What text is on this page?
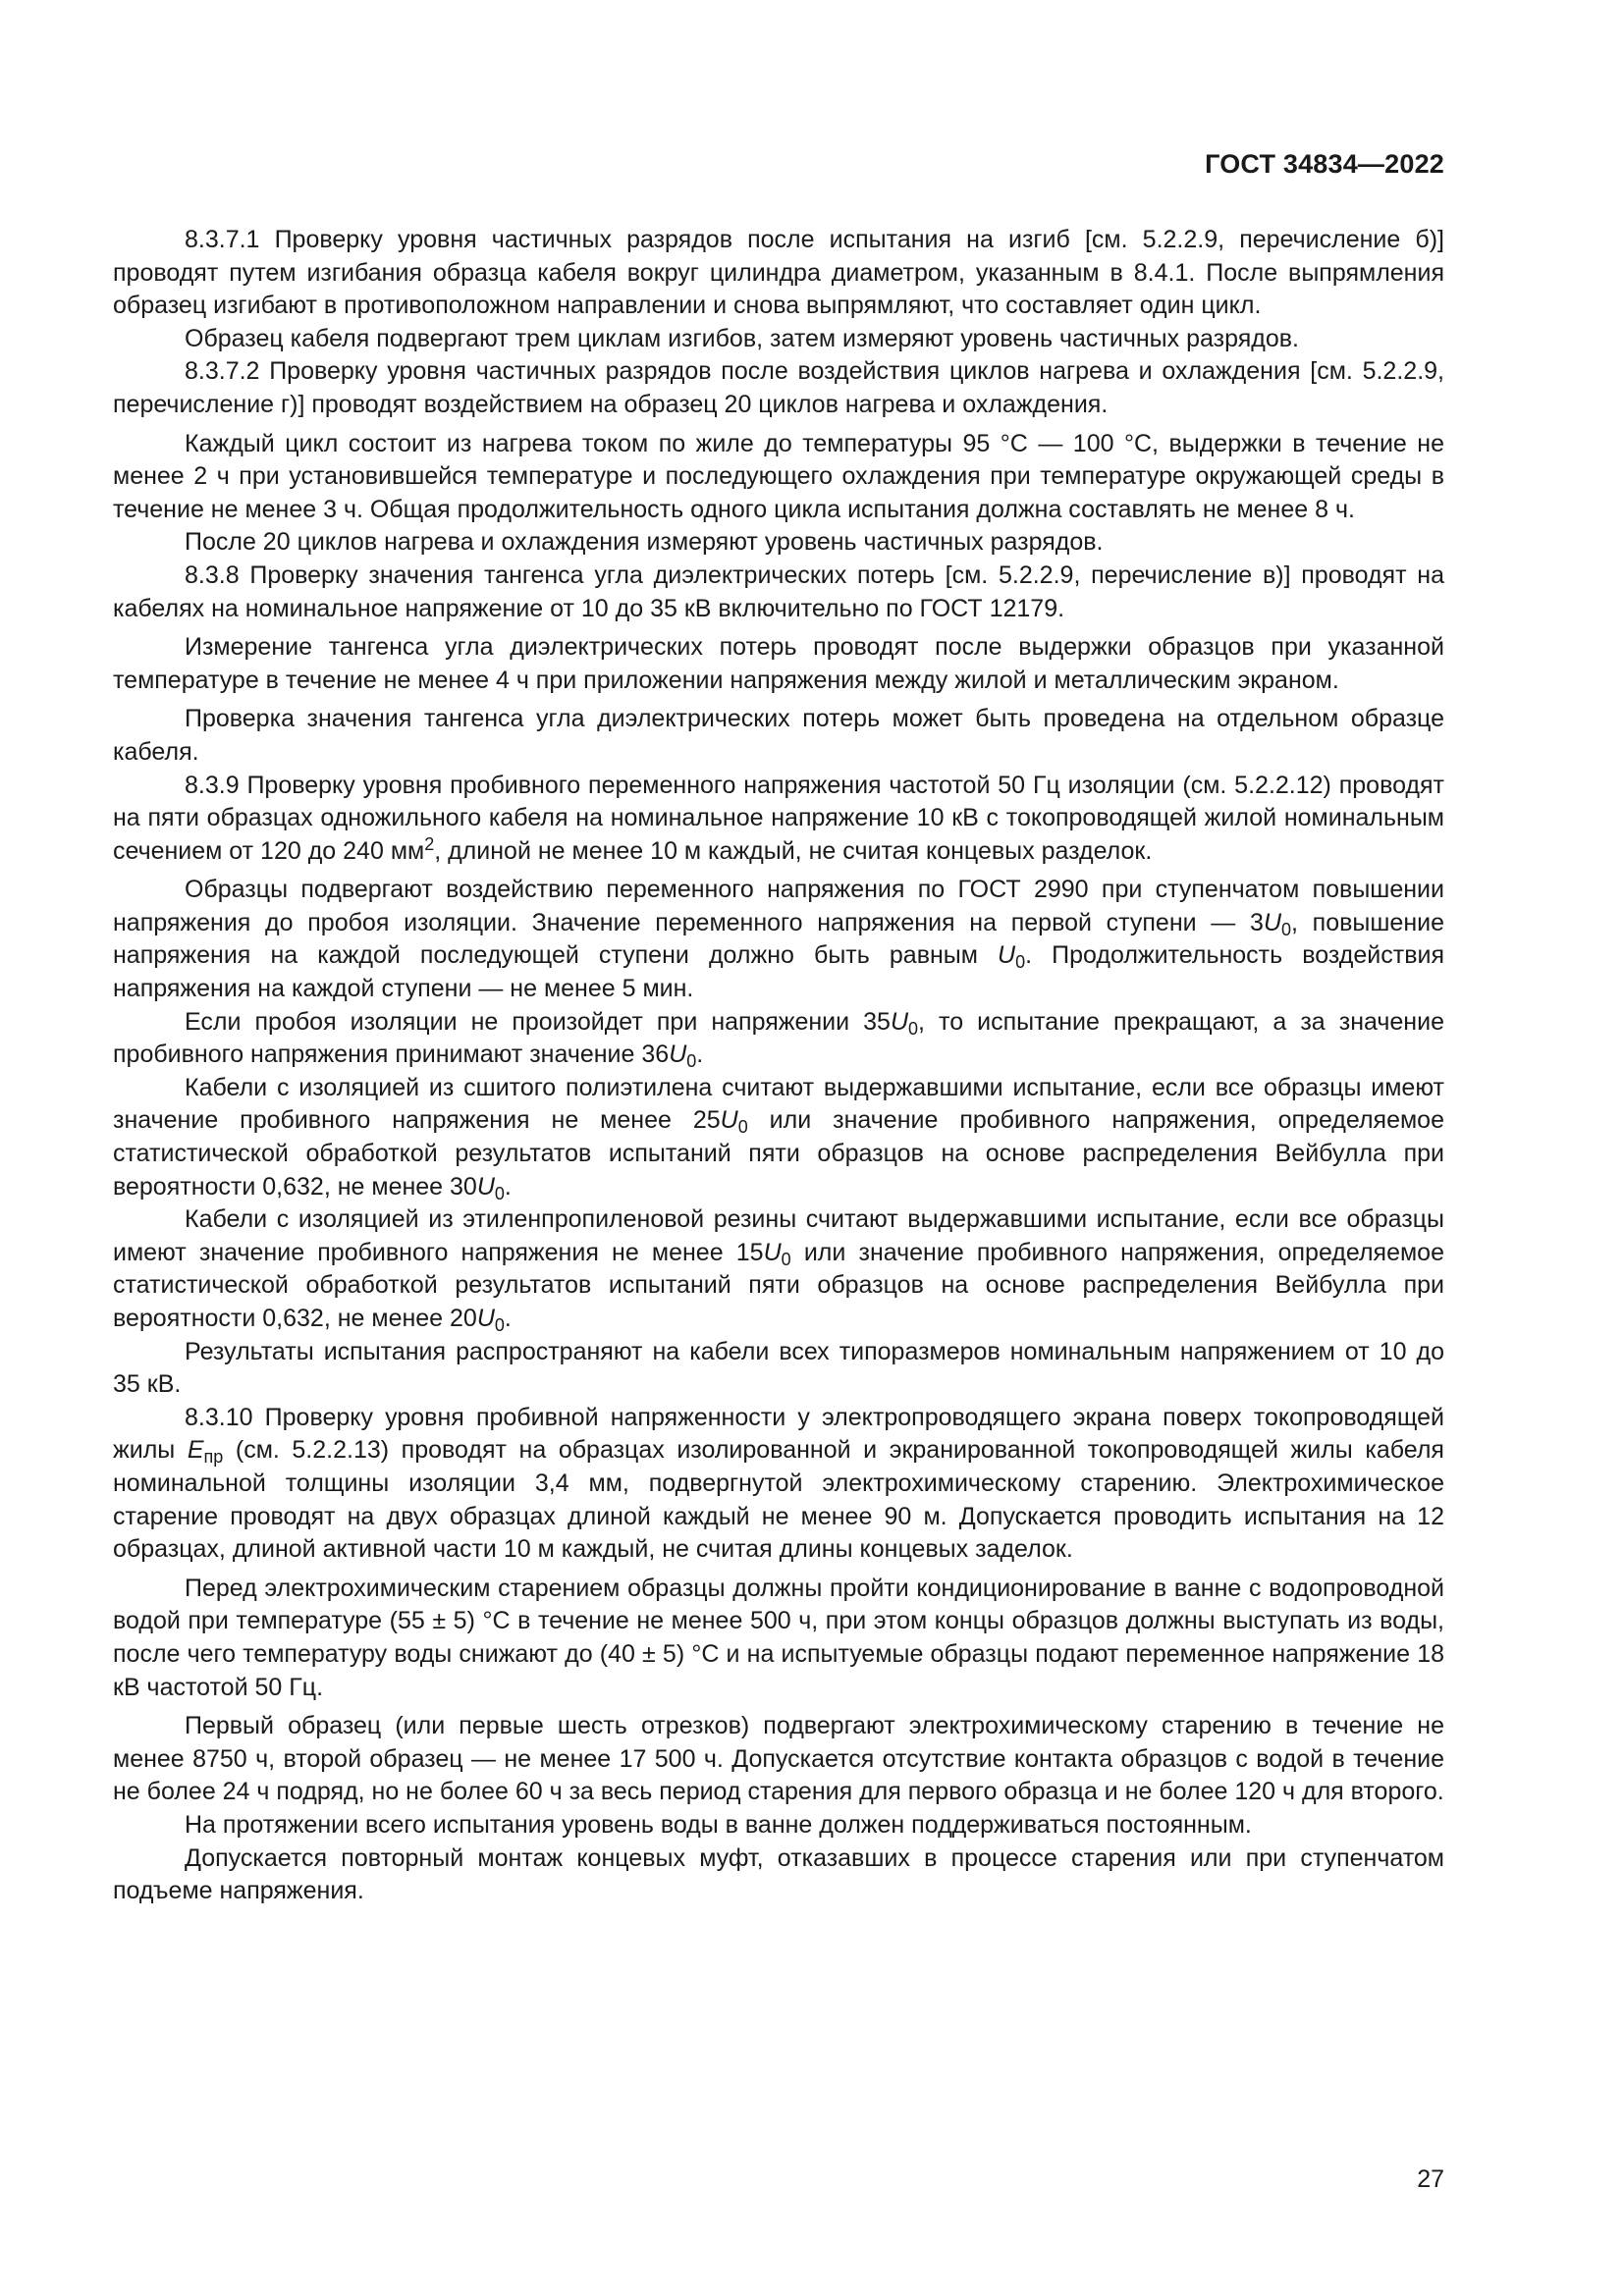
ГОСТ 34834—2022

8.3.7.1 Проверку уровня частичных разрядов после испытания на изгиб [см. 5.2.2.9, перечисление б)] проводят путем изгибания образца кабеля вокруг цилиндра диаметром, указанным в 8.4.1. После выпрямления образец изгибают в противоположном направлении и снова выпрямляют, что составляет один цикл.

Образец кабеля подвергают трем циклам изгибов, затем измеряют уровень частичных разрядов.

8.3.7.2 Проверку уровня частичных разрядов после воздействия циклов нагрева и охлаждения [см. 5.2.2.9, перечисление г)] проводят воздействием на образец 20 циклов нагрева и охлаждения.

Каждый цикл состоит из нагрева током по жиле до температуры 95 °С — 100 °С, выдержки в течение не менее 2 ч при установившейся температуре и последующего охлаждения при температуре окружающей среды в течение не менее 3 ч. Общая продолжительность одного цикла испытания должна составлять не менее 8 ч.

После 20 циклов нагрева и охлаждения измеряют уровень частичных разрядов.

8.3.8 Проверку значения тангенса угла диэлектрических потерь [см. 5.2.2.9, перечисление в)] проводят на кабелях на номинальное напряжение от 10 до 35 кВ включительно по ГОСТ 12179.

Измерение тангенса угла диэлектрических потерь проводят после выдержки образцов при указанной температуре в течение не менее 4 ч при приложении напряжения между жилой и металлическим экраном.

Проверка значения тангенса угла диэлектрических потерь может быть проведена на отдельном образце кабеля.

8.3.9 Проверку уровня пробивного переменного напряжения частотой 50 Гц изоляции (см. 5.2.2.12) проводят на пяти образцах одножильного кабеля на номинальное напряжение 10 кВ с токопроводящей жилой номинальным сечением от 120 до 240 $мм^2$, длиной не менее 10 м каждый, не считая концевых разделок.

Образцы подвергают воздействию переменного напряжения по ГОСТ 2990 при ступенчатом повышении напряжения до пробоя изоляции. Значение переменного напряжения на первой ступени — $3U_0$, повышение напряжения на каждой последующей ступени должно быть равным $U_0$. Продолжительность воздействия напряжения на каждой ступени — не менее 5 мин.

Если пробоя изоляции не произойдет при напряжении $35U_0$, то испытание прекращают, а за значение пробивного напряжения принимают значение $36U_0$.

Кабели с изоляцией из сшитого полиэтилена считают выдержавшими испытание, если все образцы имеют значение пробивного напряжения не менее $25U_0$ или значение пробивного напряжения, определяемое статистической обработкой результатов испытаний пяти образцов на основе распределения Вейбулла при вероятности 0,632, не менее $30U_0$.

Кабели с изоляцией из этиленпропиленовой резины считают выдержавшими испытание, если все образцы имеют значение пробивного напряжения не менее $15U_0$ или значение пробивного напряжения, определяемое статистической обработкой результатов испытаний пяти образцов на основе распределения Вейбулла при вероятности 0,632, не менее $20U_0$.

Результаты испытания распространяют на кабели всех типоразмеров номинальным напряжением от 10 до 35 кВ.

8.3.10 Проверку уровня пробивной напряженности у электропроводящего экрана поверх токопроводящей жилы $E_{пр}$ (см. 5.2.2.13) проводят на образцах изолированной и экранированной токопроводящей жилы кабеля номинальной толщины изоляции 3,4 мм, подвергнутой электрохимическому старению. Электрохимическое старение проводят на двух образцах длиной каждый не менее 90 м. Допускается проводить испытания на 12 образцах, длиной активной части 10 м каждый, не считая длины концевых заделок.

Перед электрохимическим старением образцы должны пройти кондиционирование в ванне с водопроводной водой при температуре (55 ± 5) °С в течение не менее 500 ч, при этом концы образцов должны выступать из воды, после чего температуру воды снижают до (40 ± 5) °С и на испытуемые образцы подают переменное напряжение 18 кВ частотой 50 Гц.

Первый образец (или первые шесть отрезков) подвергают электрохимическому старению в течение не менее 8750 ч, второй образец — не менее 17 500 ч. Допускается отсутствие контакта образцов с водой в течение не более 24 ч подряд, но не более 60 ч за весь период старения для первого образца и не более 120 ч для второго.

На протяжении всего испытания уровень воды в ванне должен поддерживаться постоянным.

Допускается повторный монтаж концевых муфт, отказавших в процессе старения или при ступенчатом подъеме напряжения.

27
